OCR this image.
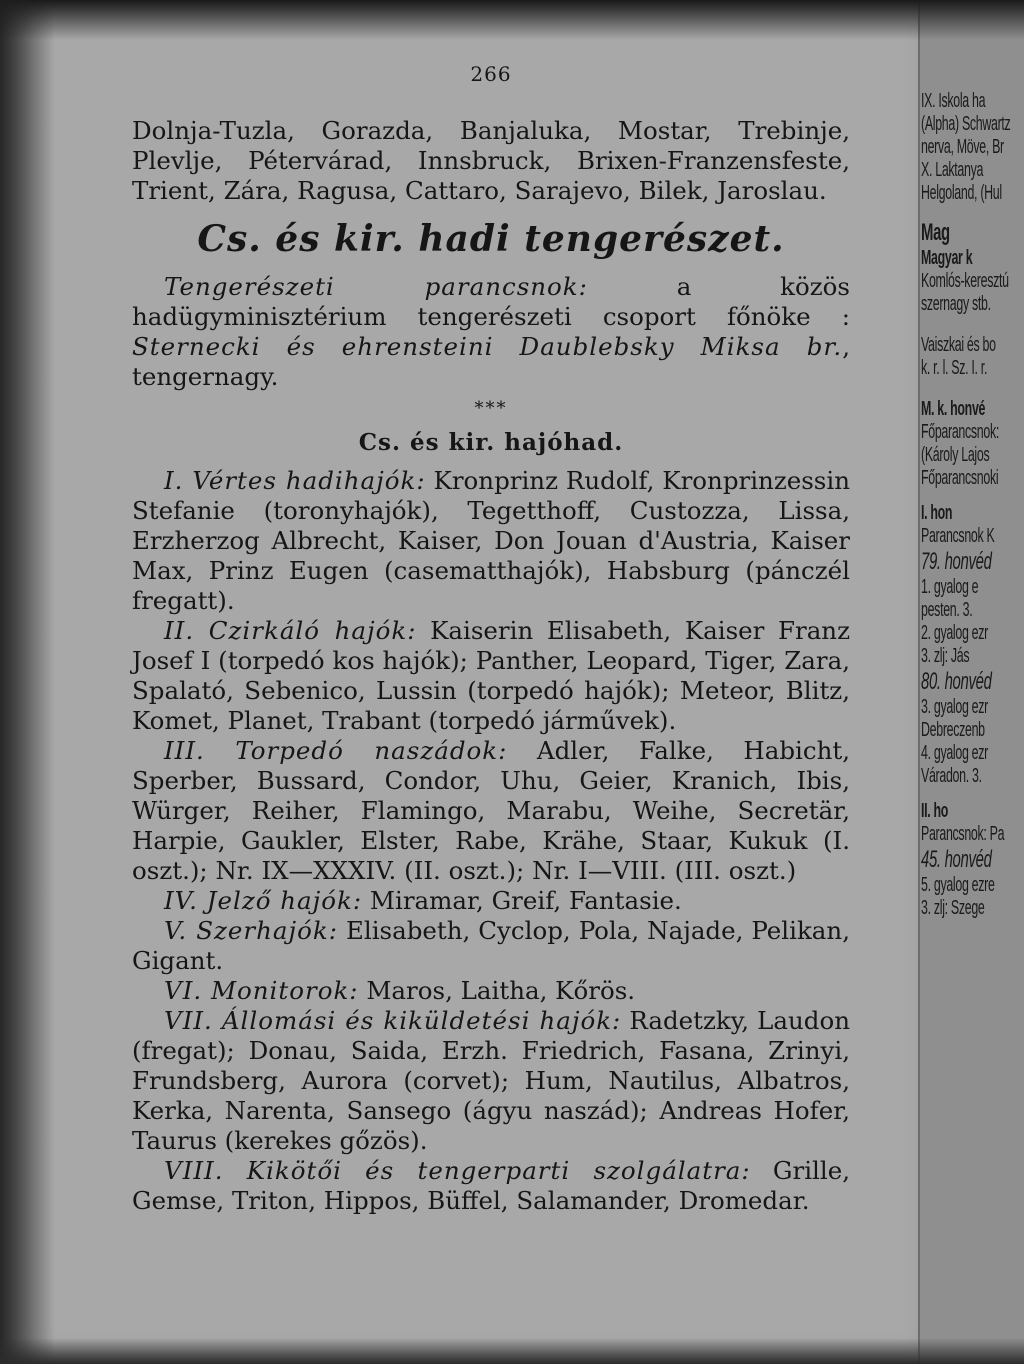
266

Dolnja-Tuzla, Gorazda, Banjaluka, Mostar, Trebinje, Plevlje, Pétervárad, Innsbruck, Brixen-Franzensfeste, Trient, Zára, Ragusa, Cattaro, Sarajevo, Bilek, Jaroslau.

Cs. és kir. hadi tengerészet.

Tengerészeti parancsnok: a közös hadügyminisztérium tengerészeti csoport főnöke : Sternecki és ehrensteini Daublebsky Miksa br., tengernagy.

***

Cs. és kir. hajóhad.

I. Vértes hadihajók: Kronprinz Rudolf, Kronprinzessin Stefanie (toronyhajók), Tegetthoff, Custozza, Lissa, Erzherzog Albrecht, Kaiser, Don Jouan d'Austria, Kaiser Max, Prinz Eugen (casematthajók), Habsburg (pánczél fregatt).

II. Czirkáló hajók: Kaiserin Elisabeth, Kaiser Franz Josef I (torpedó kos hajók); Panther, Leopard, Tiger, Zara, Spalató, Sebenico, Lussin (torpedó hajók); Meteor, Blitz, Komet, Planet, Trabant (torpedó járművek).

III. Torpedó naszádok: Adler, Falke, Habicht, Sperber, Bussard, Condor, Uhu, Geier, Kranich, Ibis, Würger, Reiher, Flamingo, Marabu, Weihe, Secretär, Harpie, Gaukler, Elster, Rabe, Krähe, Staar, Kukuk (I. oszt.); Nr. IX—XXXIV. (II. oszt.); Nr. I—VIII. (III. oszt.)

IV. Jelző hajók: Miramar, Greif, Fantasie.

V. Szerhajók: Elisabeth, Cyclop, Pola, Najade, Pelikan, Gigant.

VI. Monitorok: Maros, Laitha, Kőrös.

VII. Állomási és kiküldetési hajók: Radetzky, Laudon (fregat); Donau, Saida, Erzh. Friedrich, Fasana, Zrinyi, Frundsberg, Aurora (corvet); Hum, Nautilus, Albatros, Kerka, Narenta, Sansego (ágyu naszád); Andreas Hofer, Taurus (kerekes gőzös).

VIII. Kikötői és tengerparti szolgálatra: Grille, Gemse, Triton, Hippos, Büffel, Salamander, Dromedar.

IX. Iskola ha

(Alpha) Schwartz

nerva, Möve, Br

X. Laktanya

Helgoland, (Hul

Mag

Magyar k

Komlós-keresztú

szernagy stb.

Vaiszkai és bo

k. r. l. Sz. I. r.

M. k. honvé

Főparancsnok:

(Károly Lajos

Főparancsnoki

I. hon

Parancsnok K

79. honvéd

1. gyalog e

pesten. 3.

2. gyalog ezr

3. zlj: Jás

80. honvéd

3. gyalog ezr

Debreczenb

4. gyalog ezr

Váradon. 3.

II. ho

Parancsnok: Pa

45. honvéd

5. gyalog ezre

3. zlj: Szege
